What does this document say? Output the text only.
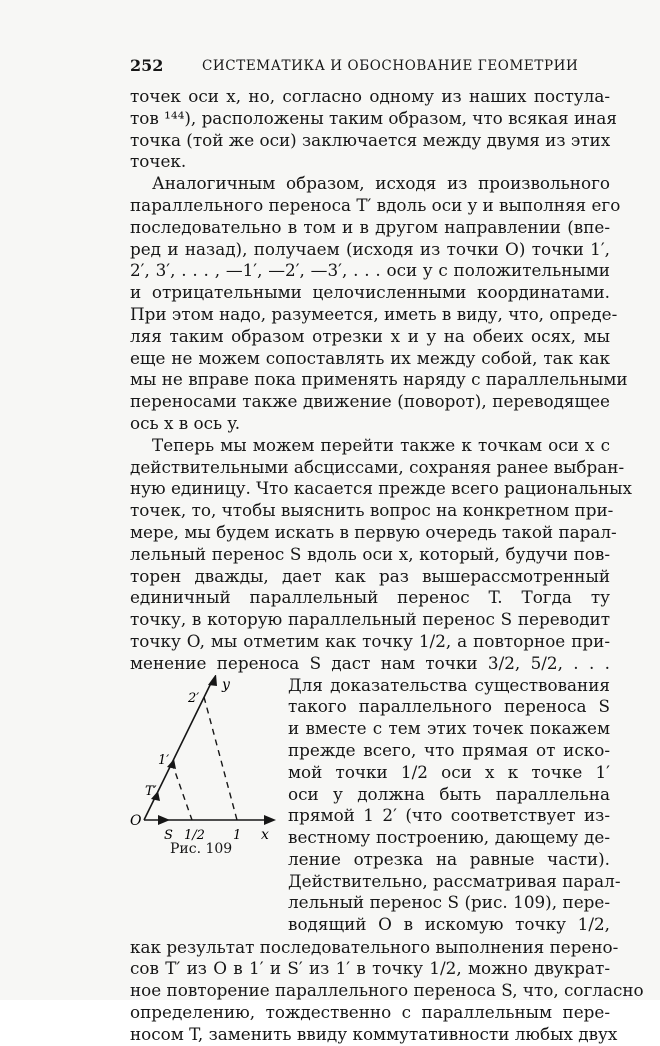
252	СИСТЕМАТИКА И ОБОСНОВАНИЕ ГЕОМЕТРИИ
точек оси x, но, согласно одному из наших постула-
тов ¹⁴⁴), расположены таким образом, что всякая иная
точка (той же оси) заключается между двумя из этих
точек.
Аналогичным образом, исходя из произвольного
параллельного переноса T′ вдоль оси y и выполняя его
последовательно в том и в другом направлении (впе-
ред и назад), получаем (исходя из точки O) точки 1′,
2′, 3′, . . . , —1′, —2′, —3′, . . . оси y с положительными
и отрицательными целочисленными координатами.
При этом надо, разумеется, иметь в виду, что, опреде-
ляя таким образом отрезки x и y на обеих осях, мы
еще не можем сопоставлять их между собой, так как
мы не вправе пока применять наряду с параллельными
переносами также движение (поворот), переводящее
ось x в ось y.
Теперь мы можем перейти также к точкам оси x с
действительными абсциссами, сохраняя ранее выбран-
ную единицу. Что касается прежде всего рациональных
точек, то, чтобы выяснить вопрос на конкретном при-
мере, мы будем искать в первую очередь такой парал-
лельный перенос S вдоль оси x, который, будучи пов-
торен дважды, дает как раз вышерассмотренный
единичный параллельный перенос T. Тогда ту
точку, в которую параллельный перенос S переводит
точку O, мы отметим как точку 1/2, а повторное при-
менение переноса S даст нам точки 3/2, 5/2, . . .
O
S 1/2 1 x
y
T′
1′
2′
Рис. 109
Для доказательства существования
такого параллельного переноса S
и вместе с тем этих точек покажем
прежде всего, что прямая от иско-
мой точки 1/2 оси x к точке 1′
оси y должна быть параллельна
прямой 1 2′ (что соответствует из-
вестному построению, дающему де-
ление отрезка на равные части).
Действительно, рассматривая парал-
лельный перенос S (рис. 109), пере-
водящий O в искомую точку 1/2,
как результат последовательного выполнения перено-
сов T′ из O в 1′ и S′ из 1′ в точку 1/2, можно двукрат-
ное повторение параллельного переноса S, что, согласно
определению, тождественно с параллельным пере-
носом T, заменить ввиду коммутативности любых двух
